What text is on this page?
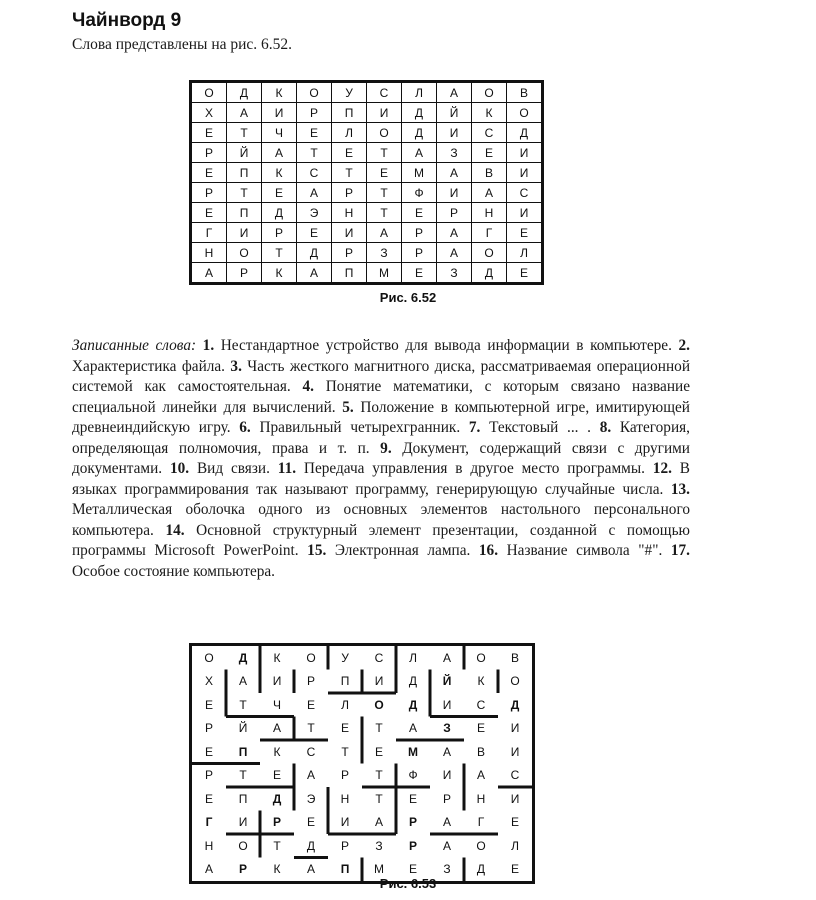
Чайнворд 9
Слова представлены на рис. 6.52.
О	Д	К	О	У	С	Л	А	О	В
Х	А	И	Р	П	И	Д	Й	К	О
Е	Т	Ч	Е	Л	О	Д	И	С	Д
Р	Й	А	Т	Е	Т	А	З	Е	И
Е	П	К	С	Т	Е	М	А	В	И
Р	Т	Е	А	Р	Т	Ф	И	А	С
Е	П	Д	Э	Н	Т	Е	Р	Н	И
Г	И	Р	Е	И	А	Р	А	Г	Е
Н	О	Т	Д	Р	З	Р	А	О	Л
А	Р	К	А	П	М	Е	З	Д	Е
Рис. 6.52
Записанные слова: 1. Нестандартное устройство для вывода информации в компьютере. 2. Характеристика файла. 3. Часть жесткого магнитного диска, рассматриваемая операционной системой как самостоятельная. 4. Понятие математики, с которым связано название специальной линейки для вычислений. 5. Положение в компьютерной игре, имитирующей древнеиндийскую игру. 6. Правильный четырехгранник. 7. Текстовый ... . 8. Категория, определяющая полномочия, права и т. п. 9. Документ, содержащий связи с другими документами. 10. Вид связи. 11. Передача управления в другое место программы. 12. В языках программирования так называют программу, генерирующую случайные числа. 13. Металлическая оболочка одного из основных элементов настольного персонального компьютера. 14. Основной структурный элемент презентации, созданной с помощью программы Microsoft PowerPoint. 15. Электронная лампа. 16. Название символа "#". 17. Особое состояние компьютера.
О	Д	К	О	У	С	Л	А	О	В
Х	А	И	Р	П	И	Д	Й	К	О
Е	Т	Ч	Е	Л	О	Д	И	С	Д
Р	Й	А	Т	Е	Т	А	З	Е	И
Е	П	К	С	Т	Е	М	А	В	И
Р	Т	Е	А	Р	Т	Ф	И	А	С
Е	П	Д	Э	Н	Т	Е	Р	Н	И
Г	И	Р	Е	И	А	Р	А	Г	Е
Н	О	Т	Д	Р	З	Р	А	О	Л
А	Р	К	А	П	М	Е	З	Д	Е
Рис. 6.53
